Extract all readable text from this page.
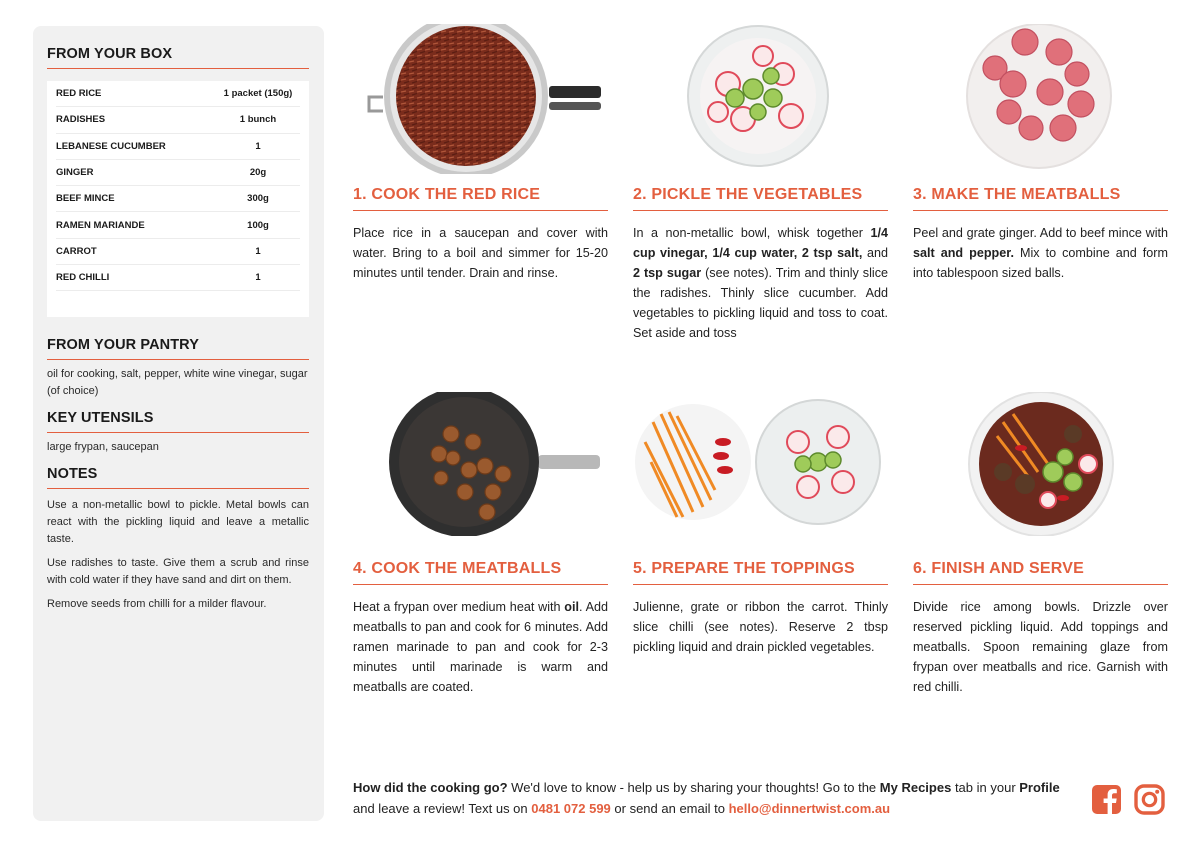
FROM YOUR BOX
RED RICE	1 packet (150g)
RADISHES	1 bunch
LEBANESE CUCUMBER	1
GINGER	20g
BEEF MINCE	300g
RAMEN MARIANDE	100g
CARROT	1
RED CHILLI	1
FROM YOUR PANTRY

oil for cooking, salt, pepper, white wine vinegar, sugar (of choice)

KEY UTENSILS

large frypan, saucepan

NOTES

Use a non-metallic bowl to pickle. Metal bowls can react with the pickling liquid and leave a metallic taste.

Use radishes to taste. Give them a scrub and rinse with cold water if they have sand and dirt on them.

Remove seeds from chilli for a milder flavour.

1. COOK THE RED RICE
Place rice in a saucepan and cover with water. Bring to a boil and simmer for 15-20 minutes until tender. Drain and rinse.
2. PICKLE THE VEGETABLES
In a non-metallic bowl, whisk together 1/4 cup vinegar, 1/4 cup water, 2 tsp salt, and 2 tsp sugar (see notes). Trim and thinly slice the radishes. Thinly slice cucumber. Add vegetables to pickling liquid and toss to coat. Set aside and toss
3. MAKE THE MEATBALLS
Peel and grate ginger. Add to beef mince with salt and pepper. Mix to combine and form into tablespoon sized balls.
4. COOK THE MEATBALLS
Heat a frypan over medium heat with oil. Add meatballs to pan and cook for 6 minutes. Add ramen marinade to pan and cook for 2-3 minutes until marinade is warm and meatballs are coated.
5. PREPARE THE TOPPINGS
Julienne, grate or ribbon the carrot. Thinly slice chilli (see notes). Reserve 2 tbsp pickling liquid and drain pickled vegetables.
6. FINISH AND SERVE
Divide rice among bowls. Drizzle over reserved pickling liquid. Add toppings and meatballs. Spoon remaining glaze from frypan over meatballs and rice. Garnish with red chilli.
How did the cooking go? We'd love to know - help us by sharing your thoughts! Go to the My Recipes tab in your Profile and leave a review! Text us on 0481 072 599 or send an email to hello@dinnertwist.com.au
